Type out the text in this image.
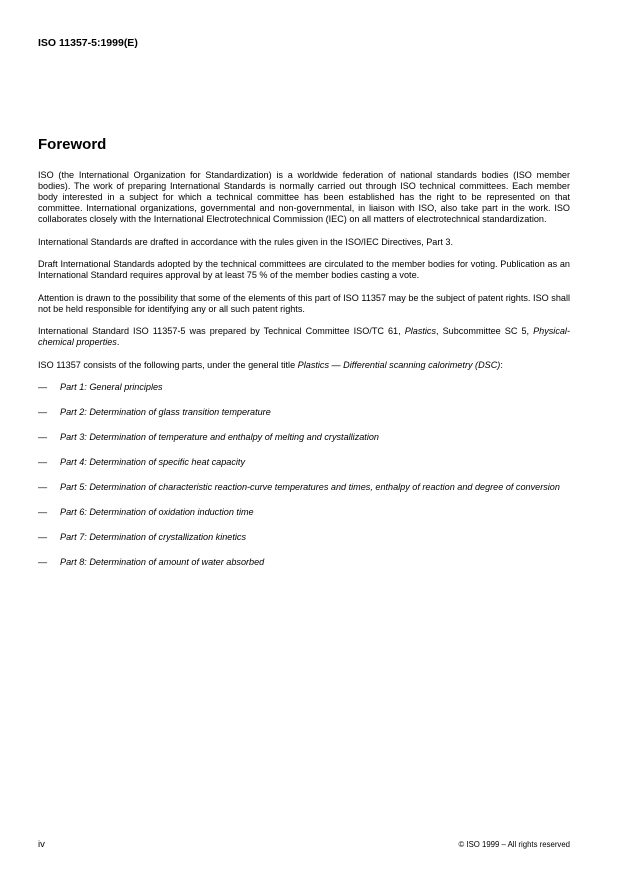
ISO 11357-5:1999(E)

Foreword

ISO (the International Organization for Standardization) is a worldwide federation of national standards bodies (ISO member bodies). The work of preparing International Standards is normally carried out through ISO technical committees. Each member body interested in a subject for which a technical committee has been established has the right to be represented on that committee. International organizations, governmental and non-governmental, in liaison with ISO, also take part in the work. ISO collaborates closely with the International Electrotechnical Commission (IEC) on all matters of electrotechnical standardization.

International Standards are drafted in accordance with the rules given in the ISO/IEC Directives, Part 3.

Draft International Standards adopted by the technical committees are circulated to the member bodies for voting. Publication as an International Standard requires approval by at least 75 % of the member bodies casting a vote.

Attention is drawn to the possibility that some of the elements of this part of ISO 11357 may be the subject of patent rights. ISO shall not be held responsible for identifying any or all such patent rights.

International Standard ISO 11357-5 was prepared by Technical Committee ISO/TC 61, Plastics, Subcommittee SC 5, Physical-chemical properties.

ISO 11357 consists of the following parts, under the general title Plastics — Differential scanning calorimetry (DSC):

— Part 1: General principles
— Part 2: Determination of glass transition temperature
— Part 3: Determination of temperature and enthalpy of melting and crystallization
— Part 4: Determination of specific heat capacity
— Part 5: Determination of characteristic reaction-curve temperatures and times, enthalpy of reaction and degree of conversion
— Part 6: Determination of oxidation induction time
— Part 7: Determination of crystallization kinetics
— Part 8: Determination of amount of water absorbed

iv	© ISO 1999 – All rights reserved
